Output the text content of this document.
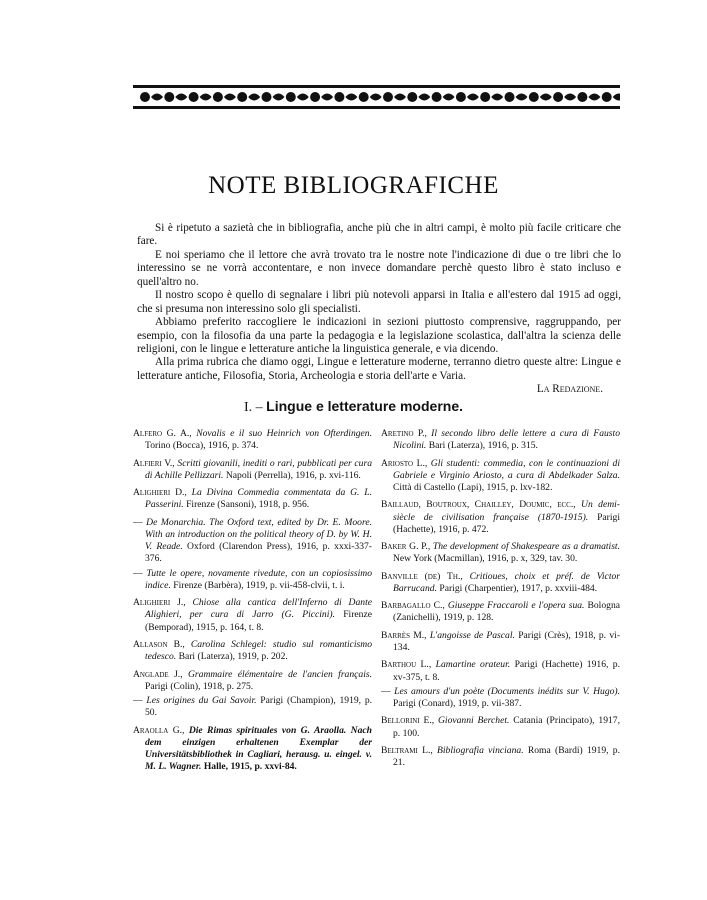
NOTE BIBLIOGRAFICHE

Si è ripetuto a sazietà che in bibliografia, anche più che in altri campi, è molto più facile criticare che fare.

E noi speriamo che il lettore che avrà trovato tra le nostre note l'indicazione di due o tre libri che lo interessino se ne vorrà accontentare, e non invece domandare perchè questo libro è stato incluso e quell'altro no.

Il nostro scopo è quello di segnalare i libri più notevoli apparsi in Italia e all'estero dal 1915 ad oggi, che si presuma non interessino solo gli specialisti.

Abbiamo preferito raccogliere le indicazioni in sezioni piuttosto comprensive, raggruppando, per esempio, con la filosofia da una parte la pedagogia e la legislazione scolastica, dall'altra la scienza delle religioni, con le lingue e letterature antiche la linguistica generale, e via dicendo.

Alla prima rubrica che diamo oggi, Lingue e letterature moderne, terranno dietro queste altre: Lingue e letterature antiche, Filosofia, Storia, Archeologia e storia dell'arte e Varia.

La Redazione.

I. – Lingue e letterature moderne.

Alfero G. A., Novalis e il suo Heinrich von Ofterdingen. Torino (Bocca), 1916, p. 374.

Alfieri V., Scritti giovanili, inediti o rari, pubblicati per cura di Achille Pellizzari. Napoli (Perrella), 1916, p. xvi-116.

Alighieri D., La Divina Commedia commentata da G. L. Passerini. Firenze (Sansoni), 1918, p. 956.

— De Monarchia. The Oxford text, edited by Dr. E. Moore. With an introduction on the political theory of D. by W. H. V. Reade. Oxford (Clarendon Press), 1916, p. xxxi-337-376.

— Tutte le opere, novamente rivedute, con un copiosissimo indice. Firenze (Barbèra), 1919, p. vii-458-clvii, t. i.

Alighieri J., Chiose alla cantica dell'Inferno di Dante Alighieri, per cura di Jarro (G. Piccini). Firenze (Bemporad), 1915, p. 164, t. 8.

Allason B., Carolina Schlegel: studio sul romanticismo tedesco. Bari (Laterza), 1919, p. 202.

Anglade J., Grammaire élémentaire de l'ancien français. Parigi (Colin), 1918, p. 275.

— Les origines du Gai Savoir. Parigi (Champion), 1919, p. 50.

Araolla G., Die Rimas spirituales von G. Araolla. Nach dem einzigen erhaltenen Exemplar der Universitätsbibliothek in Cagliari, herausg. u. eingel. v. M. L. Wagner. Halle, 1915, p. xxvi-84.

Aretino P., Il secondo libro delle lettere a cura di Fausto Nicolini. Bari (Laterza), 1916, p. 315.

Ariosto L., Gli studenti: commedia, con le continuazioni di Gabriele e Virginio Ariosto, a cura di Abdelkader Salza. Città di Castello (Lapi), 1915, p. lxv-182.

Baillaud, Boutroux, Chailley, Doumic, ecc., Un demi-siècle de civilisation française (1870-1915). Parigi (Hachette), 1916, p. 472.

Baker G. P., The development of Shakespeare as a dramatist. New York (Macmillan), 1916, p. x, 329, tav. 30.

Banville (de) Th., Critioues, choix et préf. de Victor Barrucand. Parigi (Charpentier), 1917, p. xxviii-484.

Barbagallo C., Giuseppe Fraccaroli e l'opera sua. Bologna (Zanichelli), 1919, p. 128.

Barrès M., L'angoisse de Pascal. Parigi (Crès), 1918, p. vi-134.

Barthou L., Lamartine orateur. Parigi (Hachette) 1916, p. xv-375, t. 8.

— Les amours d'un poète (Documents inédits sur V. Hugo). Parigi (Conard), 1919, p. vii-387.

Bellorini E., Giovanni Berchet. Catania (Principato), 1917, p. 100.

Beltrami L., Bibliografia vinciana. Roma (Bardi) 1919, p. 21.
